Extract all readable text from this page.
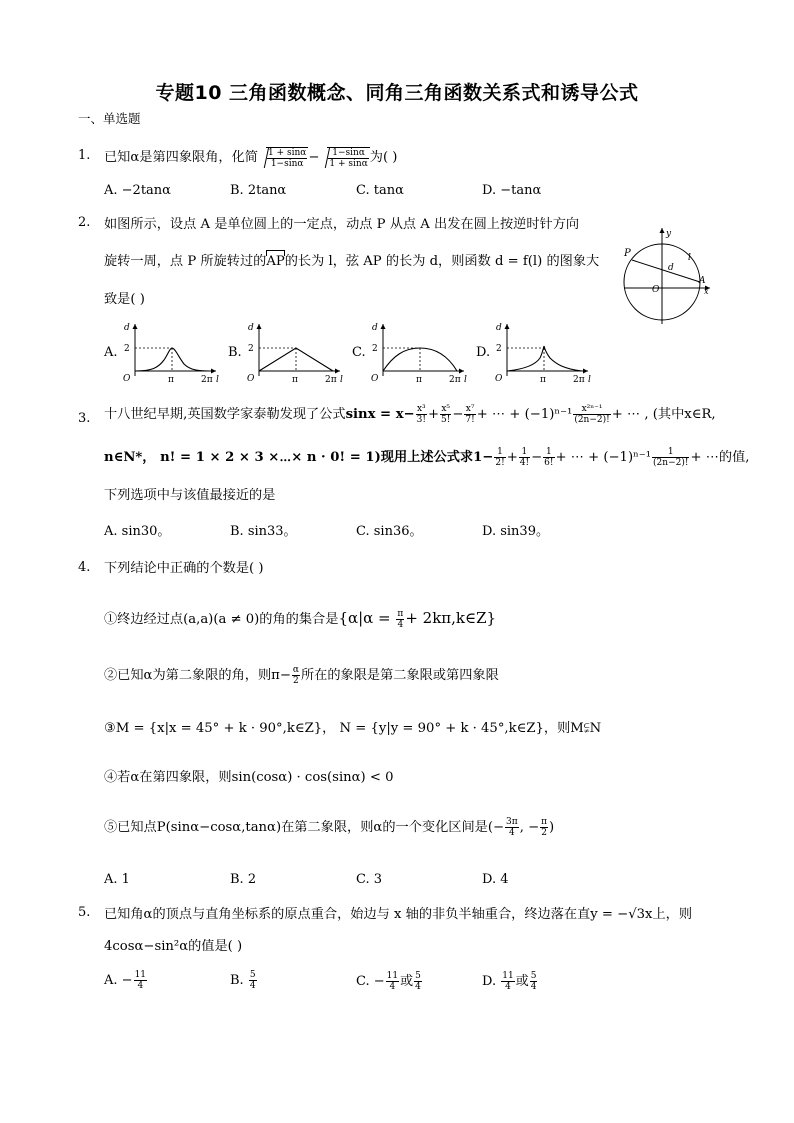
专题10 三角函数概念、同角三角函数关系式和诱导公式
一、单选题
1. 已知α是第四象限角，化简 $\frac{1 + \sin\alpha}{1-\sin\alpha} - \frac{1-\sin\alpha}{1 + \sin\alpha}$ 为( )
A. −2tanα	B. 2tanα	C. tanα	D. −tanα
2. 如图所示，设点 A 是单位圆上的一定点，动点 P 从点 A 出发在圆上按逆时针方向
旋转一周，点 P 所旋转过的
AP的长为 l，弦 AP 的长为 d，则函数 d = f(l) 的图象大
致是( )
y
P
d
l
A
O	x
A.
d
2
O	π	2π l
B.
d
2
O	π	2π l
C.
d
2
O	π	2π l
D.
d
2
O	π	2π l
3. 十八世纪早期,英国数学家泰勒发现了公式$\sin x = x- \frac{\text{x³}}{3!} + \frac{\text{x⁵}}{5!} - \frac{\text{x⁷}}{7!}$ + ⋯ + $(-1)^{n-1} \frac{\text{x²ⁿ⁻¹}}{(2n-2)!}$ + ⋯ , (其中x∈R,
n∈N*， n! = 1 × 2 × 3 ×⋯× n · 0! = 1)现用上述公式求$1- \frac{1}{2!} + \frac{1}{4!} - \frac{1}{6!}$ + ⋯ + $(-1)^{n-1} \frac{1}{(2n-2)!}$ + ⋯的值,
下列选项中与该值最接近的是
A. sin30。	B. sin33。	C. sin36。	D. sin39。
4. 下列结论中正确的个数是( )
①终边经过点(a,a)(a ≠ 0)的角的集合是{$\alpha|\alpha = \frac{\pi}{4}$ + 2kπ,k∈Z}
②已知α为第二象限的角，则$\pi- \frac{\alpha}{2}$ 所在的象限是第二象限或第四象限
③M = {x|x = 45° + k · 90°,k∈Z}， N = {y|y = 90° + k · 45°,k∈Z}，则M⫋N
④若α在第四象限，则sin(cosα) · cos(sinα) < 0
⑤已知点P(sinα−cosα,tanα)在第二象限，则α的一个变化区间是(− $\frac{3\pi}{4}$ , − $\frac{\pi}{2}$ )
A. 1	B. 2	C. 3	D. 4
5. 已知角α的顶点与直角坐标系的原点重合，始边与 x 轴的非负半轴重合，终边落在直y = −√3x上，则
4cosα−sin²α的值是( )
A. − $\frac{11}{4}$	B. $\frac{5}{4}$	C. − $\frac{11}{4}$ 或 $\frac{5}{4}$	D. $\frac{11}{4}$ 或 $\frac{5}{4}$
